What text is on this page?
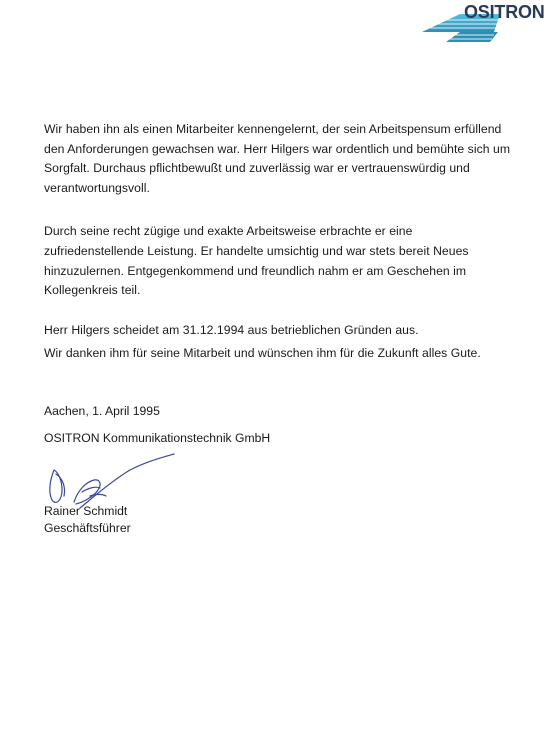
OSITRON

Wir haben ihn als einen Mitarbeiter kennengelernt, der sein Arbeitspensum erfüllend den Anforderungen gewachsen war. Herr Hilgers war ordentlich und bemühte sich um Sorgfalt. Durchaus pflichtbewußt und zuverlässig war er vertrauenswürdig und verantwortungsvoll.

Durch seine recht zügige und exakte Arbeitsweise erbrachte er eine zufriedenstellende Leistung. Er handelte umsichtig und war stets bereit Neues hinzuzulernen. Entgegenkommend und freundlich nahm er am Geschehen im Kollegenkreis teil.

Herr Hilgers scheidet am 31.12.1994 aus betrieblichen Gründen aus.

Wir danken ihm für seine Mitarbeit und wünschen ihm für die Zukunft alles Gute.

Aachen, 1. April 1995
OSITRON Kommunikationstechnik GmbH
Rainer Schmidt
Geschäftsführer
